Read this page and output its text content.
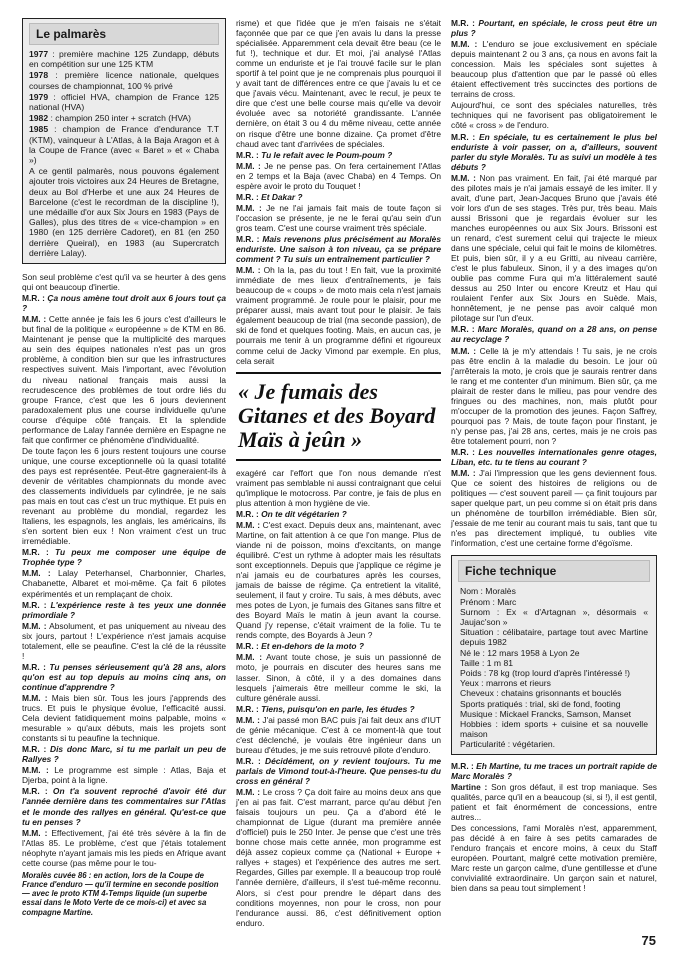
Le palmarès

1977 : première machine 125 Zundapp, débuts en compétition sur une 125 KTM

1978 : première licence nationale, quelques courses de championnat, 100 % privé

1979 : officiel HVA, champion de France 125 national (HVA)

1982 : champion 250 inter + scratch (HVA)

1985 : champion de France d'endurance T.T (KTM), vainqueur à L'Atlas, à la Baja Aragon et à la Coupe de France (avec « Baret » et « Chaba »)

A ce gentil palmarès, nous pouvons également ajouter trois victoires aux 24 Heures de Bretagne, deux au Bol d'Herbe et une aux 24 Heures de Barcelone (c'est le recordman de la discipline !), une médaille d'or aux Six Jours en 1983 (Pays de Galles), plus des titres de « vice-champion » en 1980 (en 125 derrière Cadoret), en 81 (en 250 derrière Queiral), en 1983 (au Supercratch derrière Lalay).

Son seul problème c'est qu'il va se heurter à des gens qui ont beaucoup d'inertie.

M.R. : Ça nous amène tout droit aux 6 jours tout ça ?

M.M. : Cette année je fais les 6 jours c'est d'ailleurs le but final de la politique « européenne » de KTM en 86. Maintenant je pense que la multiplicité des marques au sein des équipes nationales n'est pas un gros problème, à condition bien sur que les infrastructures respectives suivent. Mais l'important, avec l'évolution du niveau national français mais aussi la recrudescence des problèmes de tout ordre liés du groupe France, c'est que les 6 jours deviennent paradoxalement plus une course individuelle qu'une course d'équipe côté français. Et la splendide performance de Lalay l'année dernière en Espagne ne fait que confirmer ce phénomène d'individualité.

De toute façon les 6 jours restent toujours une course unique, une course exceptionnelle où la quasi totalité des pays est représentée. Peut-être gagneraient-ils à devenir de véritables championnats du monde avec des classements individuels par cylindrée, je ne sais pas mais en tout cas c'est un truc mythique. Et puis en revenant au problème du mondial, regardez les Italiens, les espagnols, les anglais, les américains, ils s'en sortent bien eux ! Non vraiment c'est un truc irremédiable.

M.R. : Tu peux me composer une équipe de Trophée type ?

M.M. : Lalay Peterhansel, Charbonnier, Charles, Chabanette, Albaret et moi-même. Ça fait 6 pilotes expérimentés et un remplaçant de choix.

M.R. : L'expérience reste à tes yeux une donnée primordiale ?

M.M. : Absolument, et pas uniquement au niveau des six jours, partout ! L'expérience n'est jamais acquise totalement, elle se peaufine. C'est la clé de la réussite !

M.R. : Tu penses sérieusement qu'à 28 ans, alors qu'on est au top depuis au moins cinq ans, on continue d'apprendre ?

M.M. : Mais bien sûr. Tous les jours j'apprends des trucs. Et puis le physique évolue, l'efficacité aussi. Cela devient fatidiquement moins palpable, moins « mesurable » qu'aux débuts, mais les projets sont constants si tu peaufine la technique.

M.R. : Dis donc Marc, si tu me parlait un peu de Rallyes ?

M.M. : Le programme est simple : Atlas, Baja et Djerba, point à la ligne.

M.R. : On t'a souvent reproché d'avoir été dur l'année dernière dans tes commentaires sur l'Atlas et le monde des rallyes en général. Qu'est-ce que tu en penses ?

M.M. : Effectivement, j'ai été très sévère à la fin de l'Atlas 85. Le problème, c'est que j'étais totalement néophyte n'ayant jamais mis les pieds en Afrique avant cette course (pas même pour le tou-

Moralès cuvée 86 : en action, lors de la Coupe de France d'enduro — qu'il termine en seconde position — avec le proto KTM 4-Temps liquide (un superbe essai dans le Moto Verte de ce mois-ci) et avec sa compagne Martine.

risme) et que l'idée que je m'en faisais ne s'était façonnée que par ce que j'en avais lu dans la presse spécialisée. Apparemment cela devait être beau (ce le fut !), technique et dur. Et moi, j'ai analysé l'Atlas comme un enduriste et je l'ai trouvé facile sur le plan sportif à tel point que je ne comprenais plus pourquoi il y avait tant de différences entre ce que j'avais lu et ce que j'avais vécu. Maintenant, avec le recul, je peux te dire que c'est une belle course mais qu'elle va devoir évoluée avec sa notoriété grandissante. L'année dernière, on était 3 ou 4 du même niveau, cette année on risque d'être une bonne dizaine. Ça promet d'être chaud avec tant d'arrivées de spéciales.

M.R. : Tu le refait avec le Poum-poum ?

M.M. : Je ne pense pas. On fera certainement l'Atlas en 2 temps et la Baja (avec Chaba) en 4 Temps. On espère avoir le proto du Touquet !

M.R. : Et Dakar ?

M.M. : Je ne l'ai jamais fait mais de toute façon si l'occasion se présente, je ne le ferai qu'au sein d'un gros team. C'est une course vraiment très spéciale.

M.R. : Mais revenons plus précisément au Moralès enduriste. Une saison à ton niveau, ça se prépare comment ? Tu suis un entraînement particulier ?

M.M. : Oh la la, pas du tout ! En fait, vue la proximité immédiate de mes lieux d'entraînements, je fais beaucoup de « coups » de moto mais cela n'est jamais vraiment programmé. Je roule pour le plaisir, pour me préparer aussi, mais avant tout pour le plaisir. Je fais également beaucoup de trial (ma seconde passion), de ski de fond et quelques footing. Mais, en aucun cas, je pourrais me tenir à un programme défini et rigoureux comme celui de Jacky Vimond par exemple. En plus, cela serait

« Je fumais des Gitanes et des Boyard Maïs à jeûn »

exagéré car l'effort que l'on nous demande n'est vraiment pas semblable ni aussi contraignant que celui qu'implique le motocross. Par contre, je fais de plus en plus attention à mon hygiène de vie.

M.R. : On te dit végétarien ?

M.M. : C'est exact. Depuis deux ans, maintenant, avec Martine, on fait attention à ce que l'on mange. Plus de viande ni de poisson, moins d'excitants, on mange équilibré. C'est un rythme à adopter mais les résultats sont exceptionnels. Depuis que j'applique ce régime je n'ai jamais eu de courbatures après les courses, jamais de baisse de régime. Ça entretient la vitalité, seulement, il faut y croire. Tu sais, à mes débuts, avec mes potes de Lyon, je fumais des Gitanes sans filtre et des Boyard Maïs le matin à jeun avant la course. Quand j'y repense, c'était vraiment de la folie. Tu te rends compte, des Boyards à Jeun ?

M.R. : Et en-dehors de la moto ?

M.M. : Avant toute chose, je suis un passionné de moto, je pourrais en discuter des heures sans me lasser. Sinon, à côté, il y a des domaines dans lesquels j'aimerais être meilleur comme le ski, la culture générale aussi.

M.R. : Tiens, puisqu'on en parle, les études ?

M.M. : J'ai passé mon BAC puis j'ai fait deux ans d'IUT de génie mécanique. C'est à ce moment-là que tout c'est déclenché, je voulais être ingénieur dans un bureau d'études, je me suis retrouvé pilote d'enduro.

M.R. : Décidément, on y revient toujours. Tu me parlais de Vimond tout-à-l'heure. Que penses-tu du cross en général ?

M.M. : Le cross ? Ça doit faire au moins deux ans que j'en ai pas fait. C'est marrant, parce qu'au début j'en faisais toujours un peu. Ça a d'abord été le championnat de Ligue (durant ma première année d'officiel) puis le 250 Inter. Je pense que c'est une très bonne chose mais cette année, mon programme est déjà assez copieux comme ça (National + Europe + rallyes + stages) et l'expérience des autres me sert. Regardes, Gilles par exemple. Il a beaucoup trop roulé l'année dernière, d'ailleurs, il s'est tué-même reconnu. Alors, si c'est pour prendre le départ dans des conditions moyennes, non pour le cross, non pour l'endurance aussi. 86, c'est définitivement option enduro.

M.R. : Pourtant, en spéciale, le cross peut être un plus ?

M.M. : L'enduro se joue exclusivement en spéciale depuis maintenant 2 ou 3 ans, ça nous en avons fait la concession. Mais les spéciales sont sujettes à beaucoup plus d'attention que par le passé où elles étaient effectivement très succinctes des portions de terrains de cross.

Aujourd'hui, ce sont des spéciales naturelles, très techniques qui ne favorisent pas obligatoirement le côté « cross » de l'enduro.

M.R. : En spéciale, tu es certainement le plus bel enduriste à voir passer, on a, d'ailleurs, souvent parler du style Moralès. Tu as suivi un modèle à tes débuts ?

M.M. : Non pas vraiment. En fait, j'ai été marqué par des pilotes mais je n'ai jamais essayé de les imiter. Il y avait, d'une part, Jean-Jacques Bruno que j'avais été voir lors d'un de ses stages. Très pur, très beau. Mais aussi Brissoni que je regardais évoluer sur les manches européennes ou aux Six Jours. Brissoni est un renard, c'est surement celui qui trajecte le mieux dans une spéciale, celui qui fait le moins de kilomètres. Et puis, bien sûr, il y a eu Gritti, au niveau carrière, c'est le plus fabuleux. Sinon, il y a des images qu'on oublie pas comme Fura qui m'a littéralement sauté dessus au 250 Inter ou encore Kreutz et Hau qui roulaient l'enfer aux Six Jours en Suède. Mais, honnêtement, je ne pense pas avoir calqué mon pilotage sur l'un d'eux.

M.R. : Marc Moralès, quand on a 28 ans, on pense au recyclage ?

M.M. : Celle là je m'y attendais ! Tu sais, je ne crois pas être enclin à la maladie du besoin. Le jour où j'arrêterais la moto, je crois que je saurais rentrer dans le rang et me contenter d'un minimum. Bien sûr, ça me plairait de rester dans le milieu, pas pour vendre des fringues ou des machines, non, mais plutôt pour m'occuper de la promotion des jeunes. Façon Saffrey, pourquoi pas ? Mais, de toute façon pour l'instant, je n'y pense pas, j'ai 28 ans, certes, mais je ne crois pas être totalement pourri, non ?

M.R. : Les nouvelles internationales genre otages, Liban, etc. tu te tiens au courant ?

M.M. : J'ai l'impression que les gens deviennent fous. Que ce soient des histoires de religions ou de politiques — c'est souvent pareil — ça finit toujours par saper quelque part, un peu comme si on était pris dans un phénomène de tourbillon irrémédiable. Bien sûr, j'essaie de me tenir au courant mais tu sais, tant que tu n'es pas directement impliqué, tu oublies vite l'information, c'est une certaine forme d'égoïsme.

Fiche technique

Nom : Moralès

Prénom : Marc

Surnom : Ex « d'Artagnan », désormais « Jaujac'son »

Situation : célibataire, partage tout avec Martine depuis 1982

Né le : 12 mars 1958 à Lyon 2e

Taille : 1 m 81

Poids : 78 kg (trop lourd d'après l'intéressé !)

Yeux : marrons et rieurs

Cheveux : chatains grisonnants et bouclés

Sports pratiqués : trial, ski de fond, footing

Musique : Mickael Francks, Samson, Manset

Hobbies : idem sports + cuisine et sa nouvelle maison

Particularité : végétarien.

M.R. : Eh Martine, tu me traces un portrait rapide de Marc Moralès ?

Martine : Son gros défaut, il est trop maniaque. Ses qualités, parce qu'il en a beaucoup (si, si !), il est gentil, patient et fait énormément de concessions, entre autres...

Des concessions, l'ami Moralès n'est, apparemment, pas décidé à en faire à ses petits camarades de l'enduro français et encore moins, à ceux du Staff européen. Pourtant, malgré cette motivation première, Marc reste un garçon calme, d'une gentillesse et d'une convivialité extraordinaire. Un garçon sain et naturel, bien dans sa peau tout simplement !

75
